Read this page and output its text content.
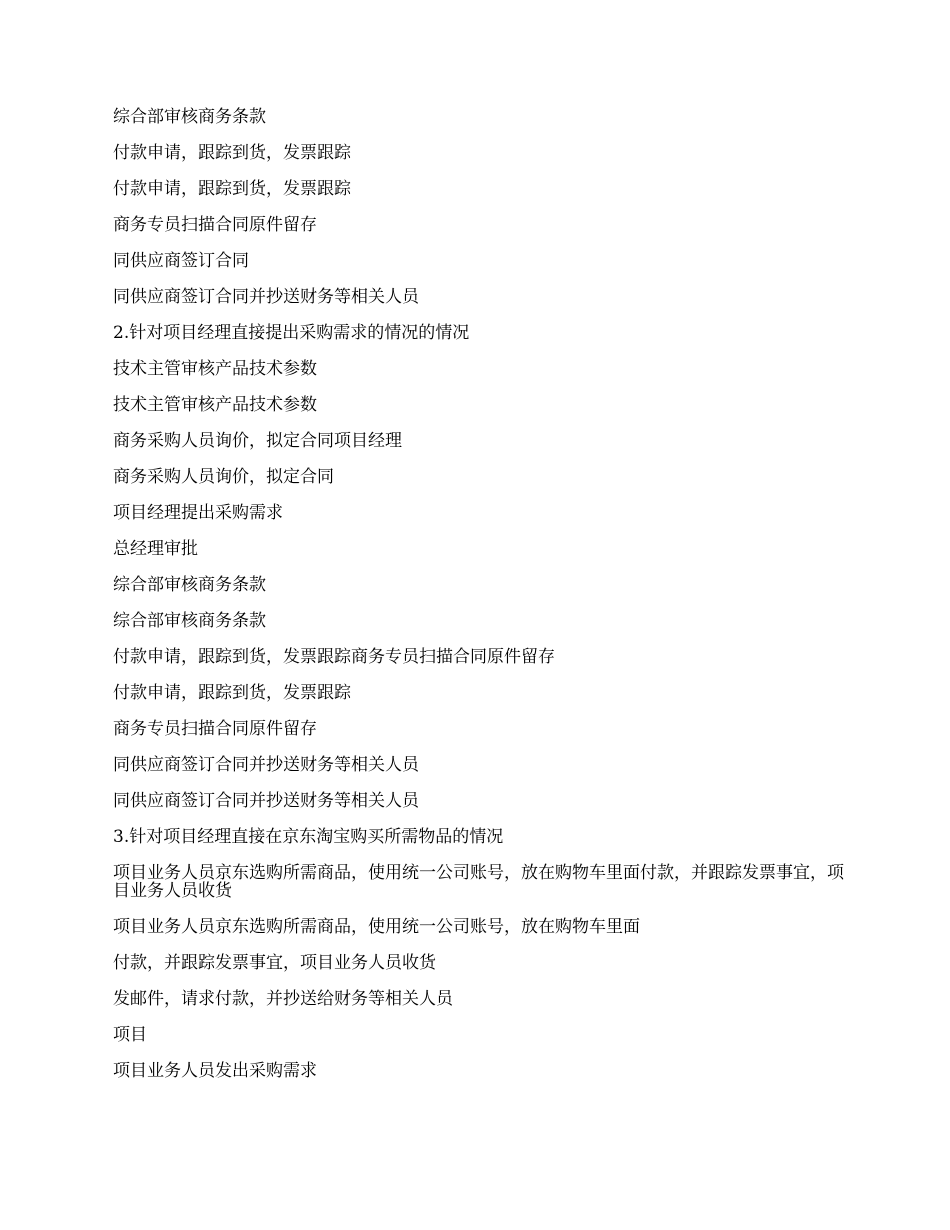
综合部审核商务条款

付款申请，跟踪到货，发票跟踪

付款申请，跟踪到货，发票跟踪

商务专员扫描合同原件留存

同供应商签订合同

同供应商签订合同并抄送财务等相关人员

2.针对项目经理直接提出采购需求的情况的情况

技术主管审核产品技术参数

技术主管审核产品技术参数

商务采购人员询价，拟定合同项目经理

商务采购人员询价，拟定合同

项目经理提出采购需求

总经理审批

综合部审核商务条款

综合部审核商务条款

付款申请，跟踪到货，发票跟踪商务专员扫描合同原件留存

付款申请，跟踪到货，发票跟踪

商务专员扫描合同原件留存

同供应商签订合同并抄送财务等相关人员

同供应商签订合同并抄送财务等相关人员

3.针对项目经理直接在京东淘宝购买所需物品的情况

项目业务人员京东选购所需商品，使用统一公司账号，放在购物车里面付款，并跟踪发票事宜，项目业务人员收货

项目业务人员京东选购所需商品，使用统一公司账号，放在购物车里面

付款，并跟踪发票事宜，项目业务人员收货

发邮件，请求付款，并抄送给财务等相关人员

项目

项目业务人员发出采购需求
